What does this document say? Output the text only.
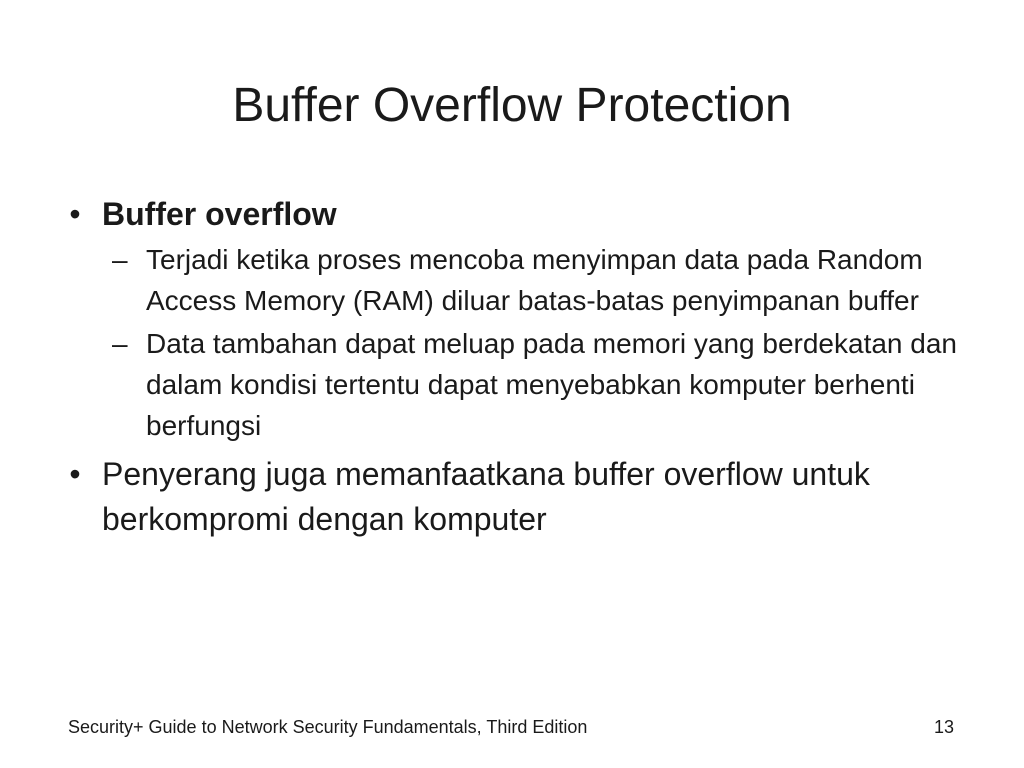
Buffer Overflow Protection
• Buffer overflow
– Terjadi ketika proses mencoba menyimpan data pada Random Access Memory (RAM) diluar batas-batas penyimpanan buffer
– Data tambahan dapat meluap pada memori yang berdekatan dan dalam kondisi tertentu dapat menyebabkan komputer berhenti berfungsi
• Penyerang juga memanfaatkana buffer overflow untuk berkompromi dengan komputer
Security+ Guide to Network Security Fundamentals, Third Edition	13
